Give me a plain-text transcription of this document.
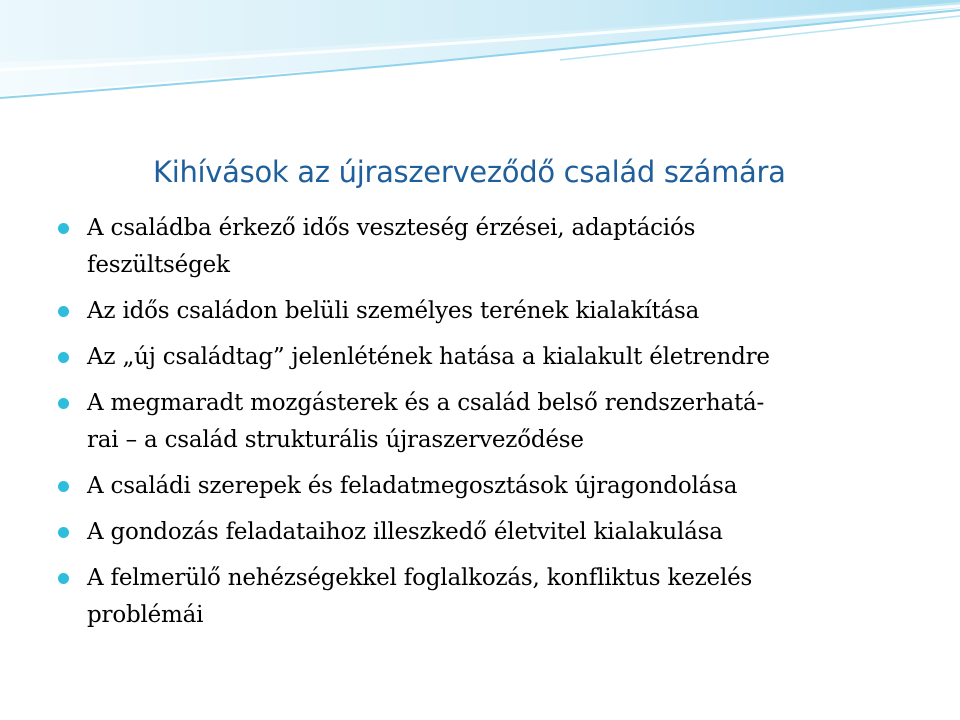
Kihívások az újraszerveződő család számára
A családba érkező idős veszteség érzései, adaptációs
feszültségek
Az idős családon belüli személyes terének kialakítása
Az „új családtag” jelenlétének hatása a kialakult életrendre
A megmaradt mozgásterek és a család belső rendszerhatá-
rai – a család strukturális újraszerveződése
A családi szerepek és feladatmegosztások újragondolása
A gondozás feladataihoz illeszkedő életvitel kialakulása
A felmerülő nehézségekkel foglalkozás, konfliktus kezelés
problémái
